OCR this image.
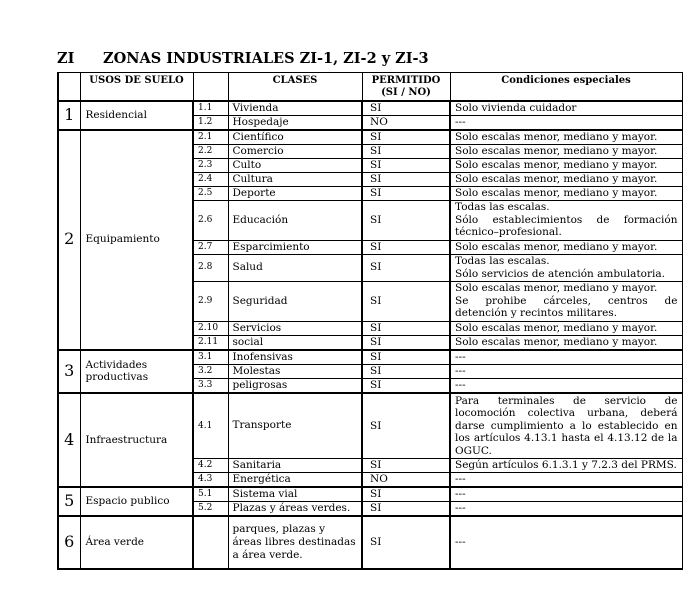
ZI ZONAS INDUSTRIALES ZI-1, ZI-2 y ZI-3
	USOS DE SUELO		CLASES	PERMITIDO (SI / NO)	Condiciones especiales
1	Residencial	1.1	Vivienda	SI	Solo vivienda cuidador
		1.2	Hospedaje	NO	---
2	Equipamiento	2.1	Científico	SI	Solo escalas menor, mediano y mayor.
		2.2	Comercio	SI	Solo escalas menor, mediano y mayor.
		2.3	Culto	SI	Solo escalas menor, mediano y mayor.
		2.4	Cultura	SI	Solo escalas menor, mediano y mayor.
		2.5	Deporte	SI	Solo escalas menor, mediano y mayor.
		2.6	Educación	SI	Todas las escalas.
Sólo establecimientos de formación técnico–profesional.
		2.7	Esparcimiento	SI	Solo escalas menor, mediano y mayor.
		2.8	Salud	SI	Todas las escalas.
Sólo servicios de atención ambulatoria.
		2.9	Seguridad	SI	Solo escalas menor, mediano y mayor.
Se prohibe cárceles, centros de detención y recintos militares.
		2.10	Servicios	SI	Solo escalas menor, mediano y mayor.
		2.11	social	SI	Solo escalas menor, mediano y mayor.
3	Actividades productivas	3.1	Inofensivas	SI	---
		3.2	Molestas	SI	---
		3.3	peligrosas	SI	---
4	Infraestructura	4.1	Transporte	SI	Para terminales de servicio de locomoción colectiva urbana, deberá darse cumplimiento a lo establecido en los artículos 4.13.1 hasta el 4.13.12 de la OGUC.
		4.2	Sanitaria	SI	Según artículos 6.1.3.1 y 7.2.3 del PRMS.
		4.3	Energética	NO	---
5	Espacio publico	5.1	Sistema vial	SI	---
		5.2	Plazas y áreas verdes.	SI	---
6	Área verde		parques, plazas y áreas libres destinadas a área verde.	SI	---
